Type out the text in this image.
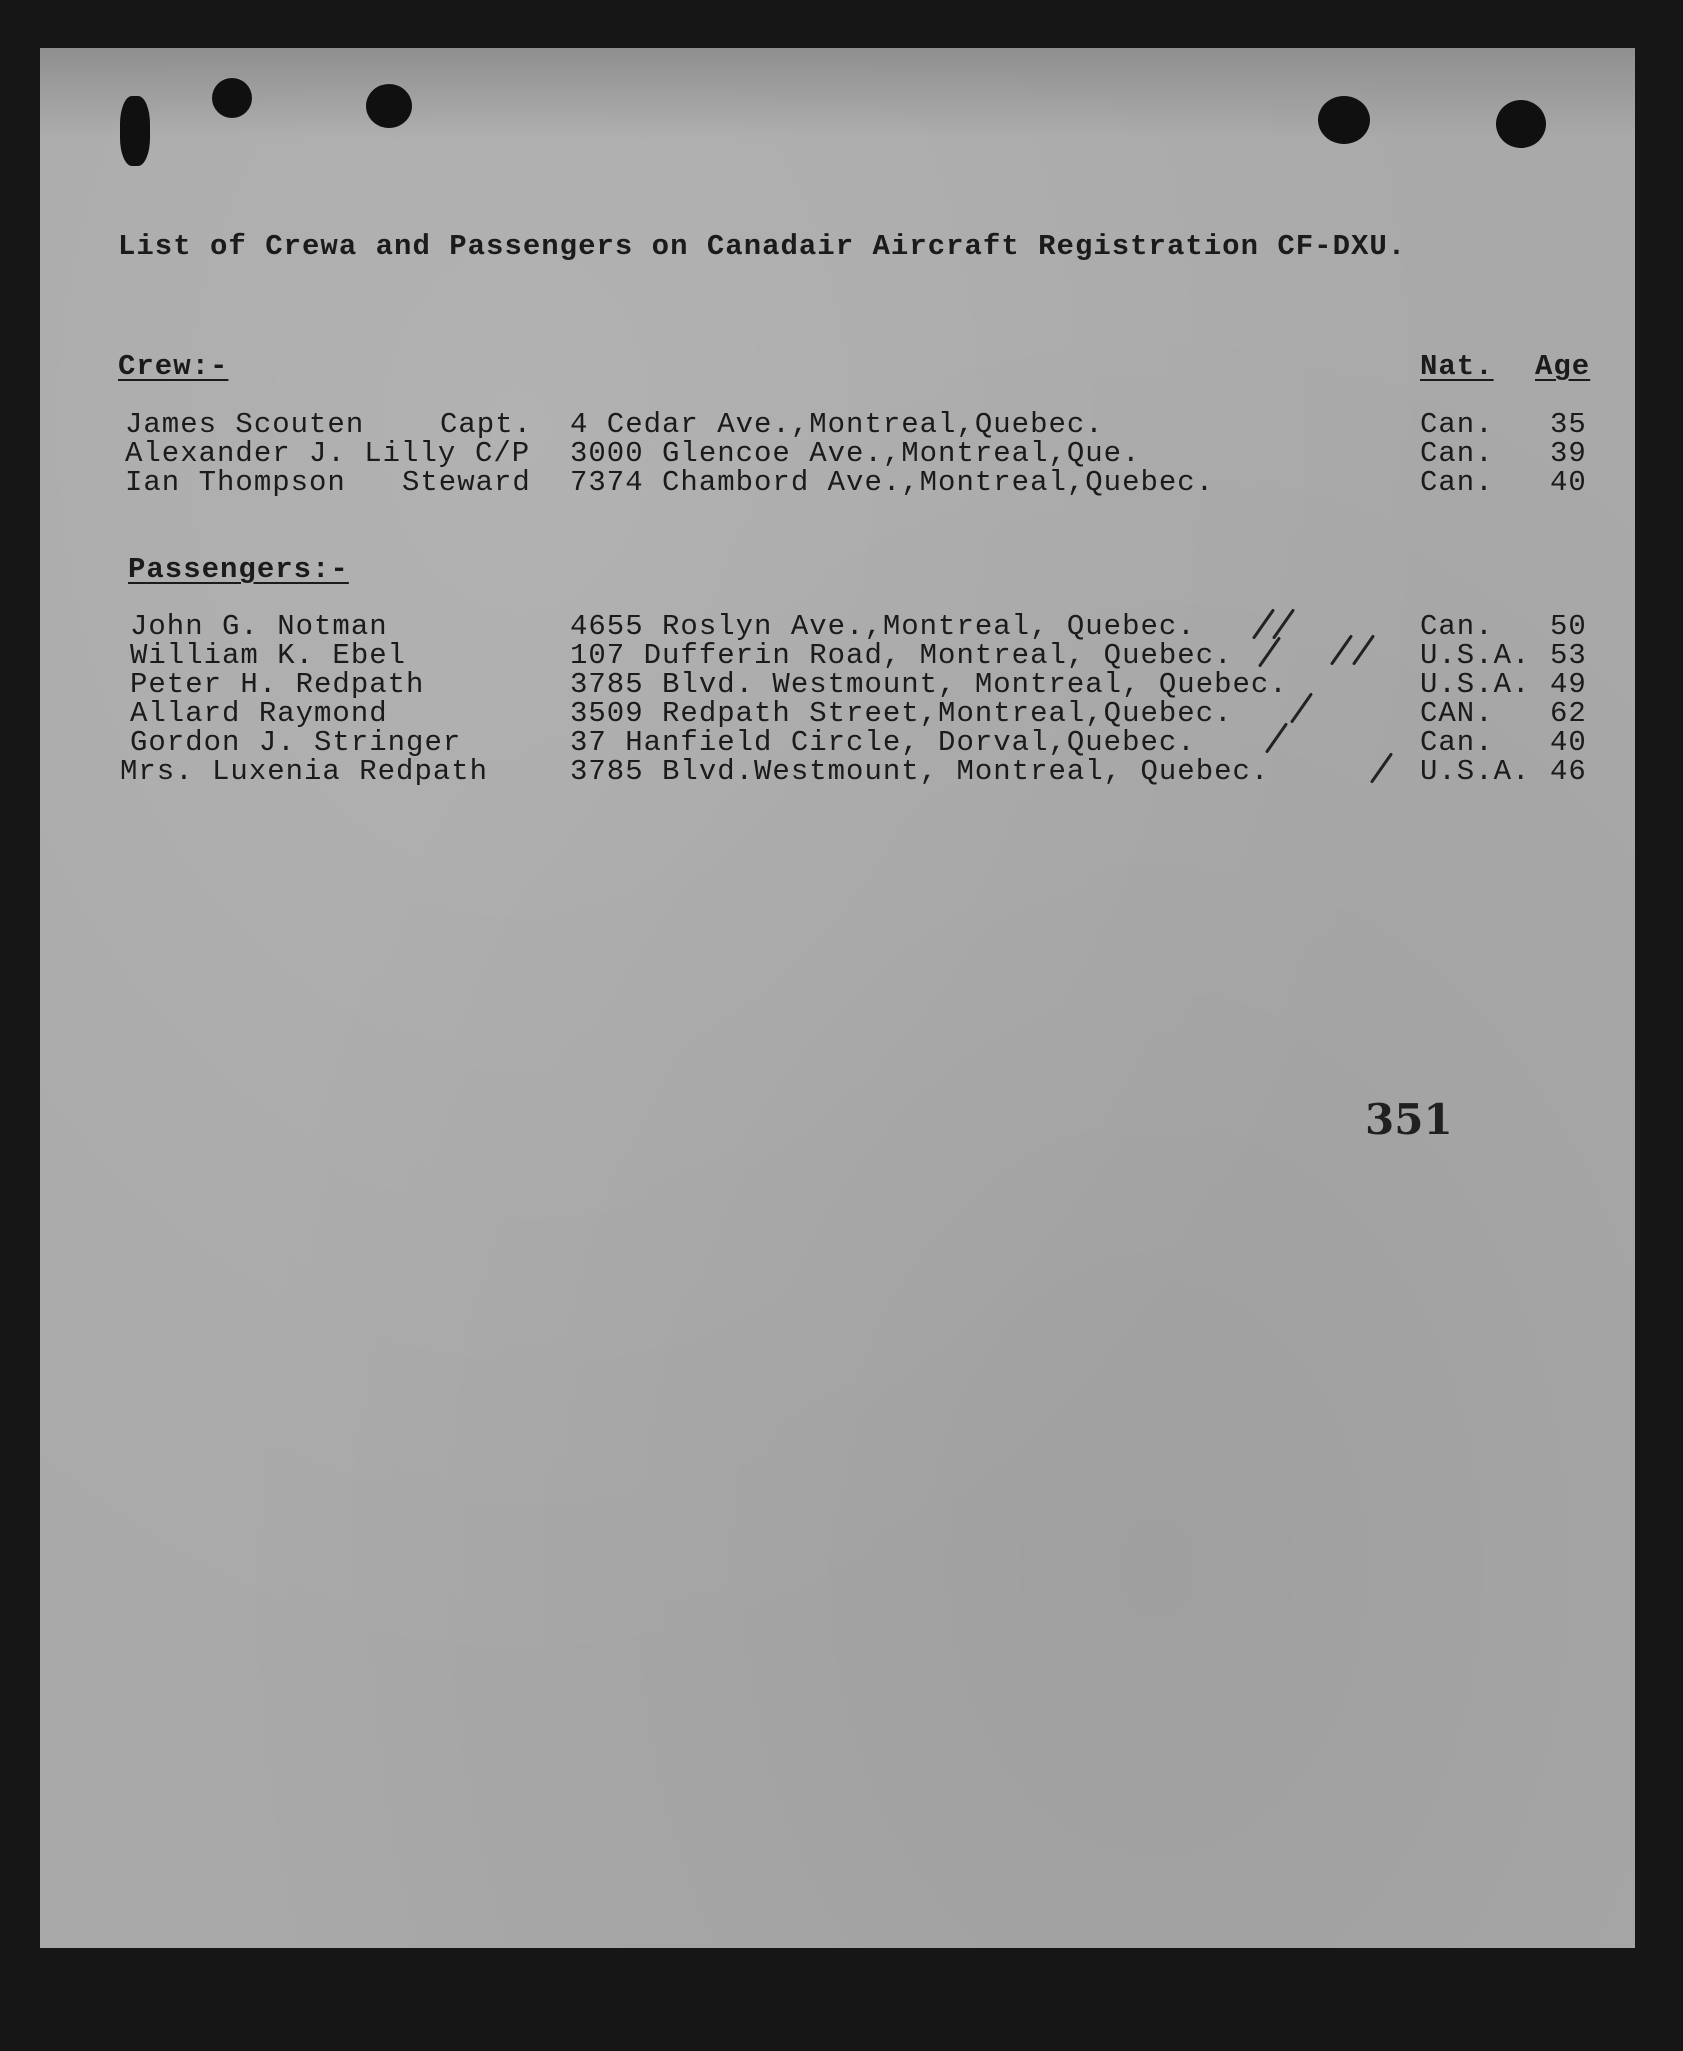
List of Crewa and Passengers on Canadair Aircraft Registration CF-DXU.
Crew:-	Nat. Age
James Scouten	Capt. 4 Cedar Ave.,Montreal,Quebec.	Can. 35
Alexander J. Lilly C/P 3000 Glencoe Ave.,Montreal,Que.	Can. 39
Ian Thompson Steward 7374 Chambord Ave.,Montreal,Quebec.	Can. 40
Passengers:-
John G. Notman	4655 Roslyn Ave.,Montreal, Quebec.	Can. 50
William K. Ebel	107 Dufferin Road, Montreal, Quebec.	U.S.A. 53
Peter H. Redpath	3785 Blvd. Westmount, Montreal, Quebec.	U.S.A. 49
Allard Raymond	3509 Redpath Street,Montreal,Quebec.	CAN. 62
Gordon J. Stringer	37 Hanfield Circle, Dorval,Quebec.	Can. 40
Mrs. Luxenia Redpath	3785 Blvd.Westmount, Montreal, Quebec.	U.S.A. 46
351
